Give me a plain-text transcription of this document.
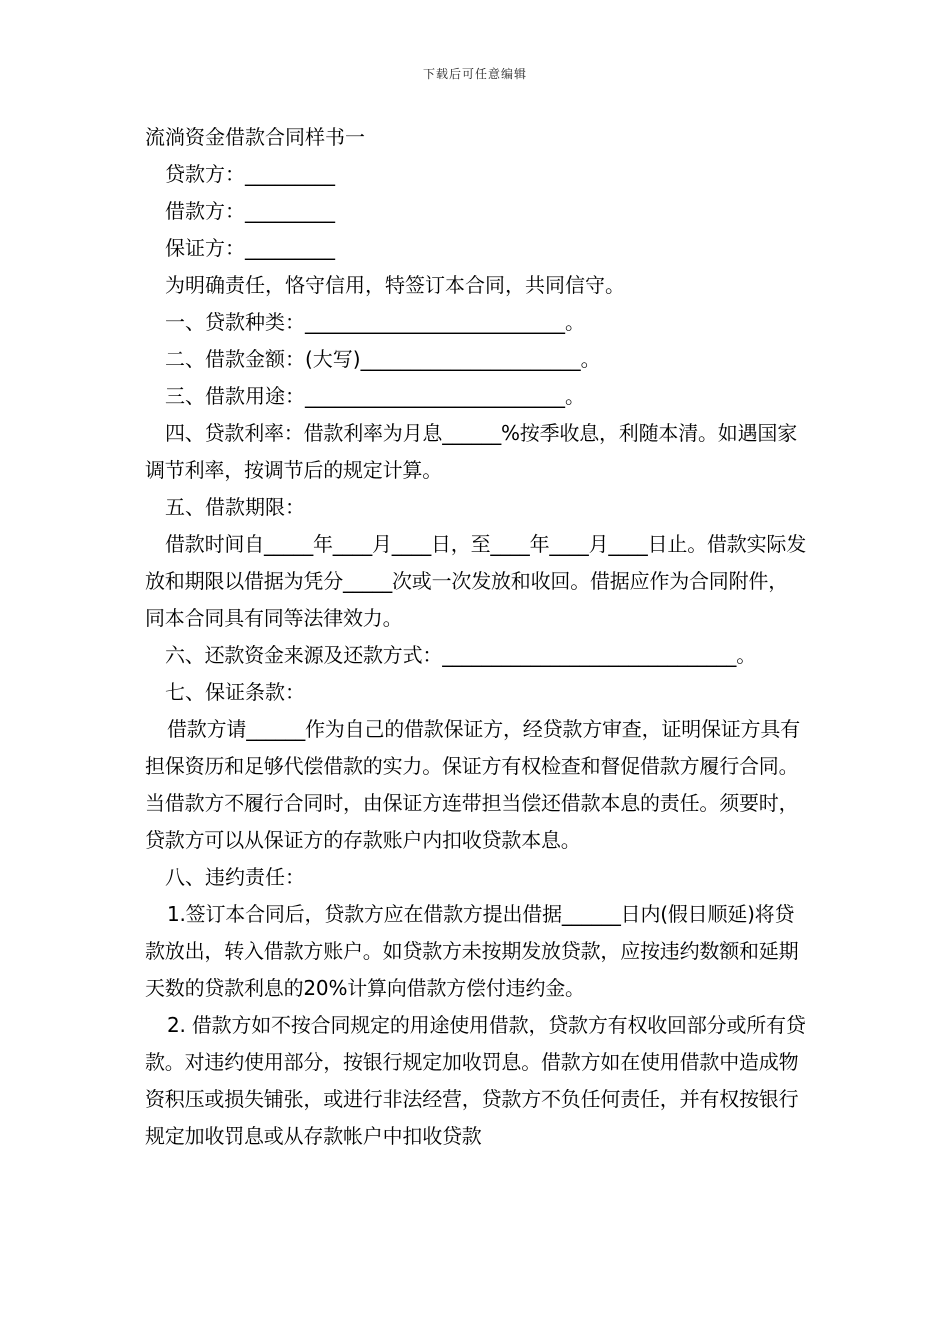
下载后可任意编辑

流淌资金借款合同样书一

贷款方：_________

借款方：_________

保证方：_________

为明确责任，恪守信用，特签订本合同，共同信守。

一、贷款种类：__________________________。

二、借款金额：(大写)______________________。

三、借款用途：__________________________。

四、贷款利率：借款利率为月息______%按季收息，利随本清。如遇国家调节利率，按调节后的规定计算。

五、借款期限：

借款时间自_____年____月____日，至____年____月____日止。借款实际发放和期限以借据为凭分_____次或一次发放和收回。借据应作为合同附件，同本合同具有同等法律效力。

六、还款资金来源及还款方式：______________________________。

七、保证条款：

借款方请______作为自己的借款保证方，经贷款方审查，证明保证方具有担保资历和足够代偿借款的实力。保证方有权检查和督促借款方履行合同。当借款方不履行合同时，由保证方连带担当偿还借款本息的责任。须要时，贷款方可以从保证方的存款账户内扣收贷款本息。

八、违约责任：

1.签订本合同后，贷款方应在借款方提出借据______日内(假日顺延)将贷款放出，转入借款方账户。如贷款方未按期发放贷款，应按违约数额和延期天数的贷款利息的20%计算向借款方偿付违约金。

2. 借款方如不按合同规定的用途使用借款，贷款方有权收回部分或所有贷款。对违约使用部分，按银行规定加收罚息。借款方如在使用借款中造成物资积压或损失铺张，或进行非法经营，贷款方不负任何责任，并有权按银行规定加收罚息或从存款帐户中扣收贷款
